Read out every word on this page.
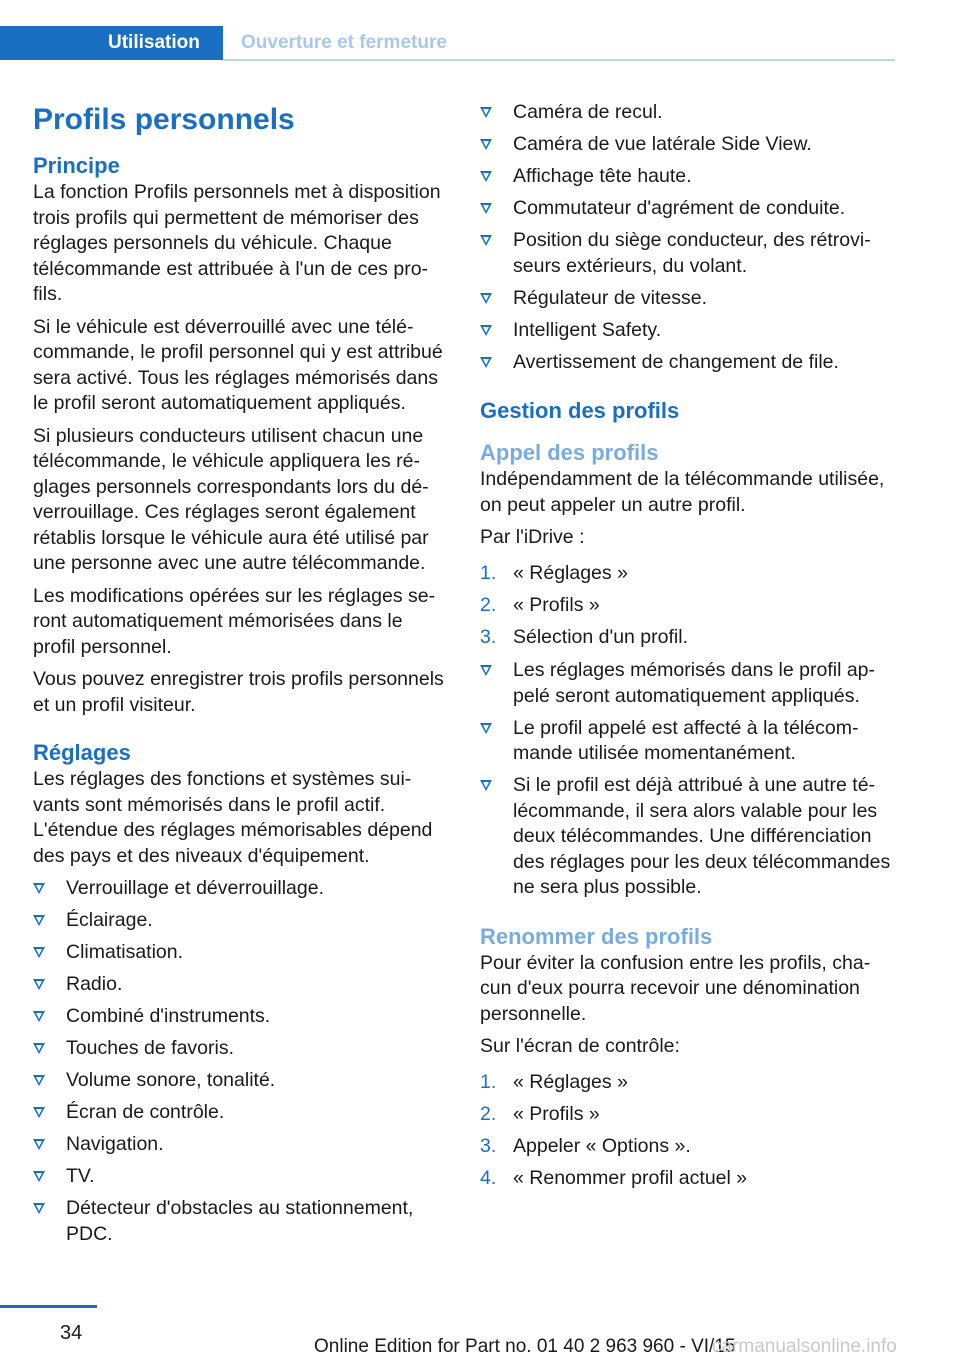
Utilisation	Ouverture et fermeture
Profils personnels
Principe

La fonction Profils personnels met à disposition trois profils qui permettent de mémoriser des réglages personnels du véhicule. Chaque télécommande est attribuée à l'un de ces profils.

Si le véhicule est déverrouillé avec une télécommande, le profil personnel qui y est attribué sera activé. Tous les réglages mémorisés dans le profil seront automatiquement appliqués.

Si plusieurs conducteurs utilisent chacun une télécommande, le véhicule appliquera les réglages personnels correspondants lors du déverrouillage. Ces réglages seront également rétablis lorsque le véhicule aura été utilisé par une personne avec une autre télécommande.

Les modifications opérées sur les réglages seront automatiquement mémorisées dans le profil personnel.

Vous pouvez enregistrer trois profils personnels et un profil visiteur.

Réglages

Les réglages des fonctions et systèmes suivants sont mémorisés dans le profil actif. L'étendue des réglages mémorisables dépend des pays et des niveaux d'équipement.

Verrouillage et déverrouillage.
Éclairage.
Climatisation.
Radio.
Combiné d'instruments.
Touches de favoris.
Volume sonore, tonalité.
Écran de contrôle.
Navigation.
TV.
Détecteur d'obstacles au stationnement, PDC.
Caméra de recul.
Caméra de vue latérale Side View.
Affichage tête haute.
Commutateur d'agrément de conduite.
Position du siège conducteur, des rétroviseurs extérieurs, du volant.
Régulateur de vitesse.
Intelligent Safety.
Avertissement de changement de file.
Gestion des profils
Appel des profils

Indépendamment de la télécommande utilisée, on peut appeler un autre profil.

Par l'iDrive :

1. « Réglages »
2. « Profils »
3. Sélection d'un profil.
Les réglages mémorisés dans le profil appelé seront automatiquement appliqués.
Le profil appelé est affecté à la télécommande utilisée momentanément.
Si le profil est déjà attribué à une autre télécommande, il sera alors valable pour les deux télécommandes. Une différenciation des réglages pour les deux télécommandes ne sera plus possible.
Renommer des profils

Pour éviter la confusion entre les profils, chacun d'eux pourra recevoir une dénomination personnelle.

Sur l'écran de contrôle:

1. « Réglages »
2. « Profils »
3. Appeler « Options ».
4. « Renommer profil actuel »
34
Online Edition for Part no. 01 40 2 963 960 - VI/15
carmanualsonline.info
